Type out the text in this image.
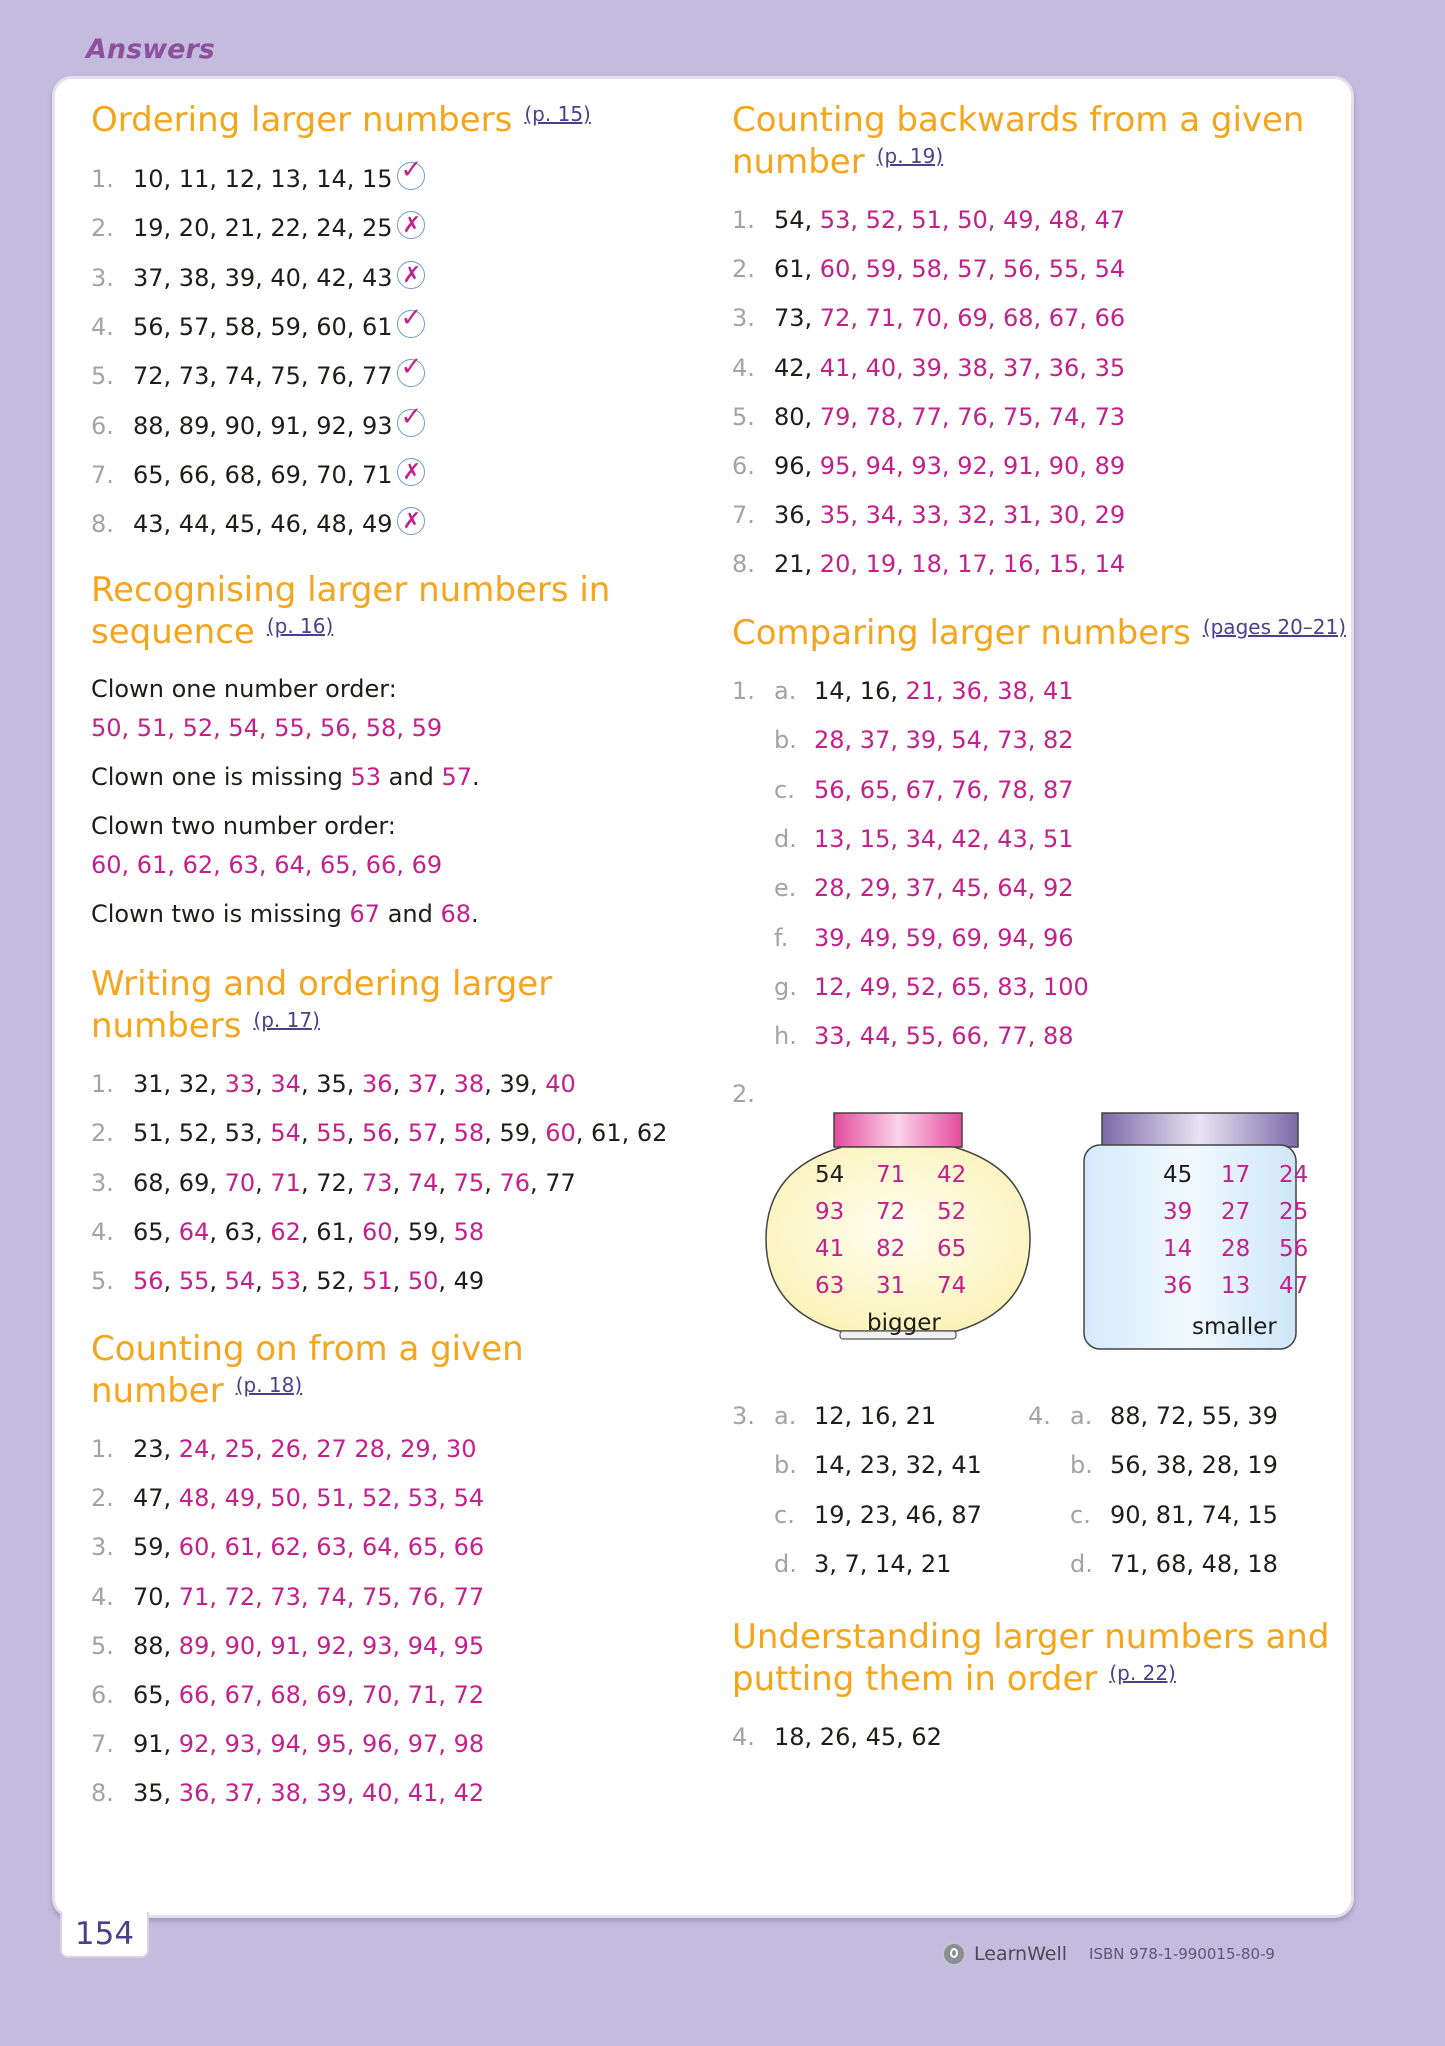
Answers
Ordering larger numbers $^{(p. 15)}$
1. 10, 11, 12, 13, 14, 15✓
2. 19, 20, 21, 22, 24, 25✗
3. 37, 38, 39, 40, 42, 43✗
4. 56, 57, 58, 59, 60, 61✓
5. 72, 73, 74, 75, 76, 77✓
6. 88, 89, 90, 91, 92, 93✓
7. 65, 66, 68, 69, 70, 71✗
8. 43, 44, 45, 46, 48, 49✗
Recognising larger numbers in
sequence $^{(p. 16)}$
Clown one number order:
50, 51, 52, 54, 55, 56, 58, 59
Clown one is missing 53 and 57.
Clown two number order:
60, 61, 62, 63, 64, 65, 66, 69
Clown two is missing 67 and 68.
Writing and ordering larger
numbers $^{(p. 17)}$
1. 31, 32, 33, 34, 35, 36, 37, 38, 39, 40
2. 51, 52, 53, 54, 55, 56, 57, 58, 59, 60, 61, 62
3. 68, 69, 70, 71, 72, 73, 74, 75, 76, 77
4. 65, 64, 63, 62, 61, 60, 59, 58
5. 56, 55, 54, 53, 52, 51, 50, 49
Counting on from a given
number $^{(p. 18)}$
1. 23, 24, 25, 26, 27 28, 29, 30
2. 47, 48, 49, 50, 51, 52, 53, 54
3. 59, 60, 61, 62, 63, 64, 65, 66
4. 70, 71, 72, 73, 74, 75, 76, 77
5. 88, 89, 90, 91, 92, 93, 94, 95
6. 65, 66, 67, 68, 69, 70, 71, 72
7. 91, 92, 93, 94, 95, 96, 97, 98
8. 35, 36, 37, 38, 39, 40, 41, 42
Counting backwards from a given
number $^{(p. 19)}$
1. 54, 53, 52, 51, 50, 49, 48, 47
2. 61, 60, 59, 58, 57, 56, 55, 54
3. 73, 72, 71, 70, 69, 68, 67, 66
4. 42, 41, 40, 39, 38, 37, 36, 35
5. 80, 79, 78, 77, 76, 75, 74, 73
6. 96, 95, 94, 93, 92, 91, 90, 89
7. 36, 35, 34, 33, 32, 31, 30, 29
8. 21, 20, 19, 18, 17, 16, 15, 14
Comparing larger numbers $^{(pages 20-21)}$
1. a. 14, 16, 21, 36, 38, 41
b. 28, 37, 39, 54, 73, 82
c. 56, 65, 67, 76, 78, 87
d. 13, 15, 34, 42, 43, 51
e. 28, 29, 37, 45, 64, 92
f. 39, 49, 59, 69, 94, 96
g. 12, 49, 52, 65, 83, 100
h. 33, 44, 55, 66, 77, 88
2.
54 71 42
93 72 52
41 82 65
63 31 74
bigger
45 17 24
39 27 25
14 28 56
36 13 47
smaller
3. a. 12, 16, 21
b. 14, 23, 32, 41
c. 19, 23, 46, 87
d. 3, 7, 14, 21
4. a. 88, 72, 55, 39
b. 56, 38, 28, 19
c. 90, 81, 74, 15
d. 71, 68, 48, 18
Understanding larger numbers and
putting them in order $^{(p. 22)}$
4. 18, 26, 45, 62
154
LearnWell ISBN 978-1-990015-80-9
